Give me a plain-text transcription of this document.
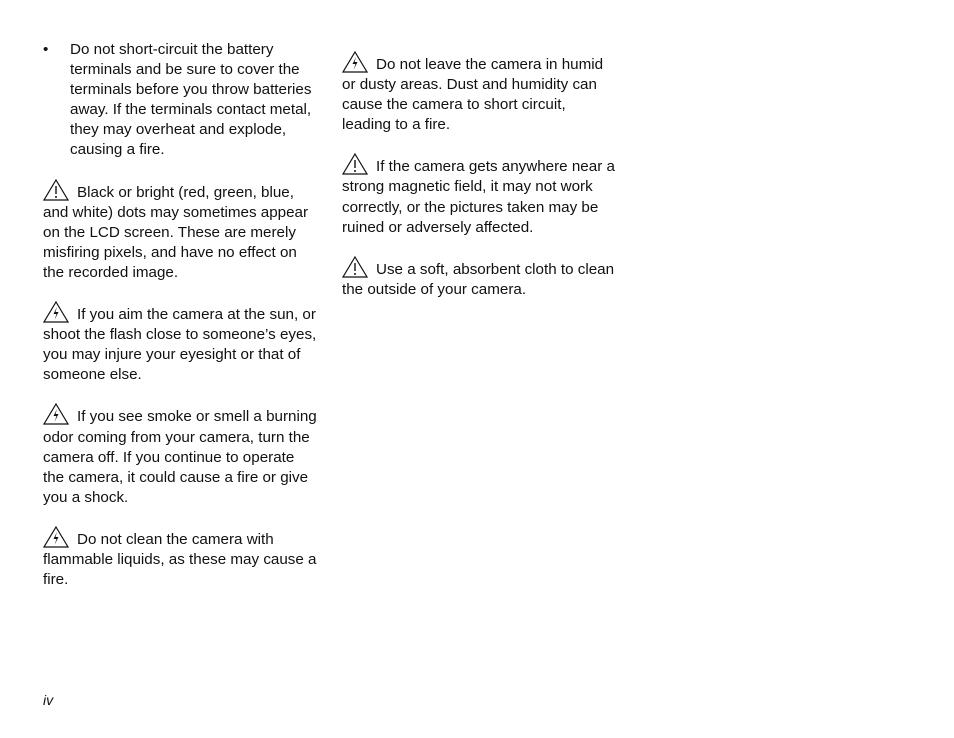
• Do not short-circuit the battery terminals and be sure to cover the terminals before you throw batteries away. If the terminals contact metal, they may overheat and explode, causing a fire.

Black or bright (red, green, blue, and white) dots may sometimes appear on the LCD screen. These are merely misfiring pixels, and have no effect on the recorded image.

If you aim the camera at the sun, or shoot the flash close to someone’s eyes, you may injure your eyesight or that of someone else.

If you see smoke or smell a burning odor coming from your camera, turn the camera off. If you continue to operate the camera, it could cause a fire or give you a shock.

Do not clean the camera with flammable liquids, as these may cause a fire.

Do not leave the camera in humid or dusty areas. Dust and humidity can cause the camera to short circuit, leading to a fire.

If the camera gets anywhere near a strong magnetic field, it may not work correctly, or the pictures taken may be ruined or adversely affected.

Use a soft, absorbent cloth to clean the outside of your camera.

iv
